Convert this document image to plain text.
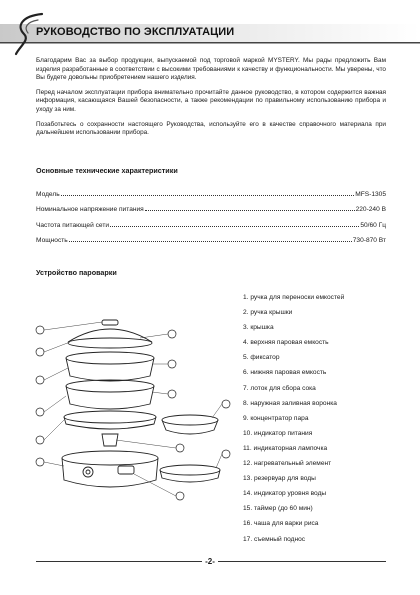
РУКОВОДСТВО ПО ЭКСПЛУАТАЦИИ

Благодарим Вас за выбор продукции, выпускаемой под торговой маркой MYSTERY. Мы рады предложить Вам изделия разработанные в соответствии с высокими требованиями к качеству и функциональности. Мы уверены, что Вы будете довольны приобретением нашего изделия.

Перед началом эксплуатации прибора внимательно прочитайте данное руководство, в котором содержится важная информация, касающаяся Вашей безопасности, а также рекомендации по правильному использованию прибора и уходу за ним.

Позаботьтесь о сохранности настоящего Руководства, используйте его в качестве справочного материала при дальнейшем использовании прибора.

Основные технические характеристики
Модель	MFS-1305
Номинальное напряжение питания	220-240 В
Частота питающей сети	50/60 Гц
Мощность	730-870 Вт
Устройство пароварки
1. ручка для переноски емкостей
2. ручка крышки
3. крышка
4. верхняя паровая емкость
5. фиксатор
6. нижняя паровая емкость
7. лоток для сбора сока
8. наружная заливная воронка
9. концентратор пара
10. индикатор питания
11. индикаторная лампочка
12. нагревательный элемент
13. резервуар для воды
14. индикатор уровня воды
15. таймер (до 60 мин)
16. чаша для варки риса
17. съемный поднос
-2-
